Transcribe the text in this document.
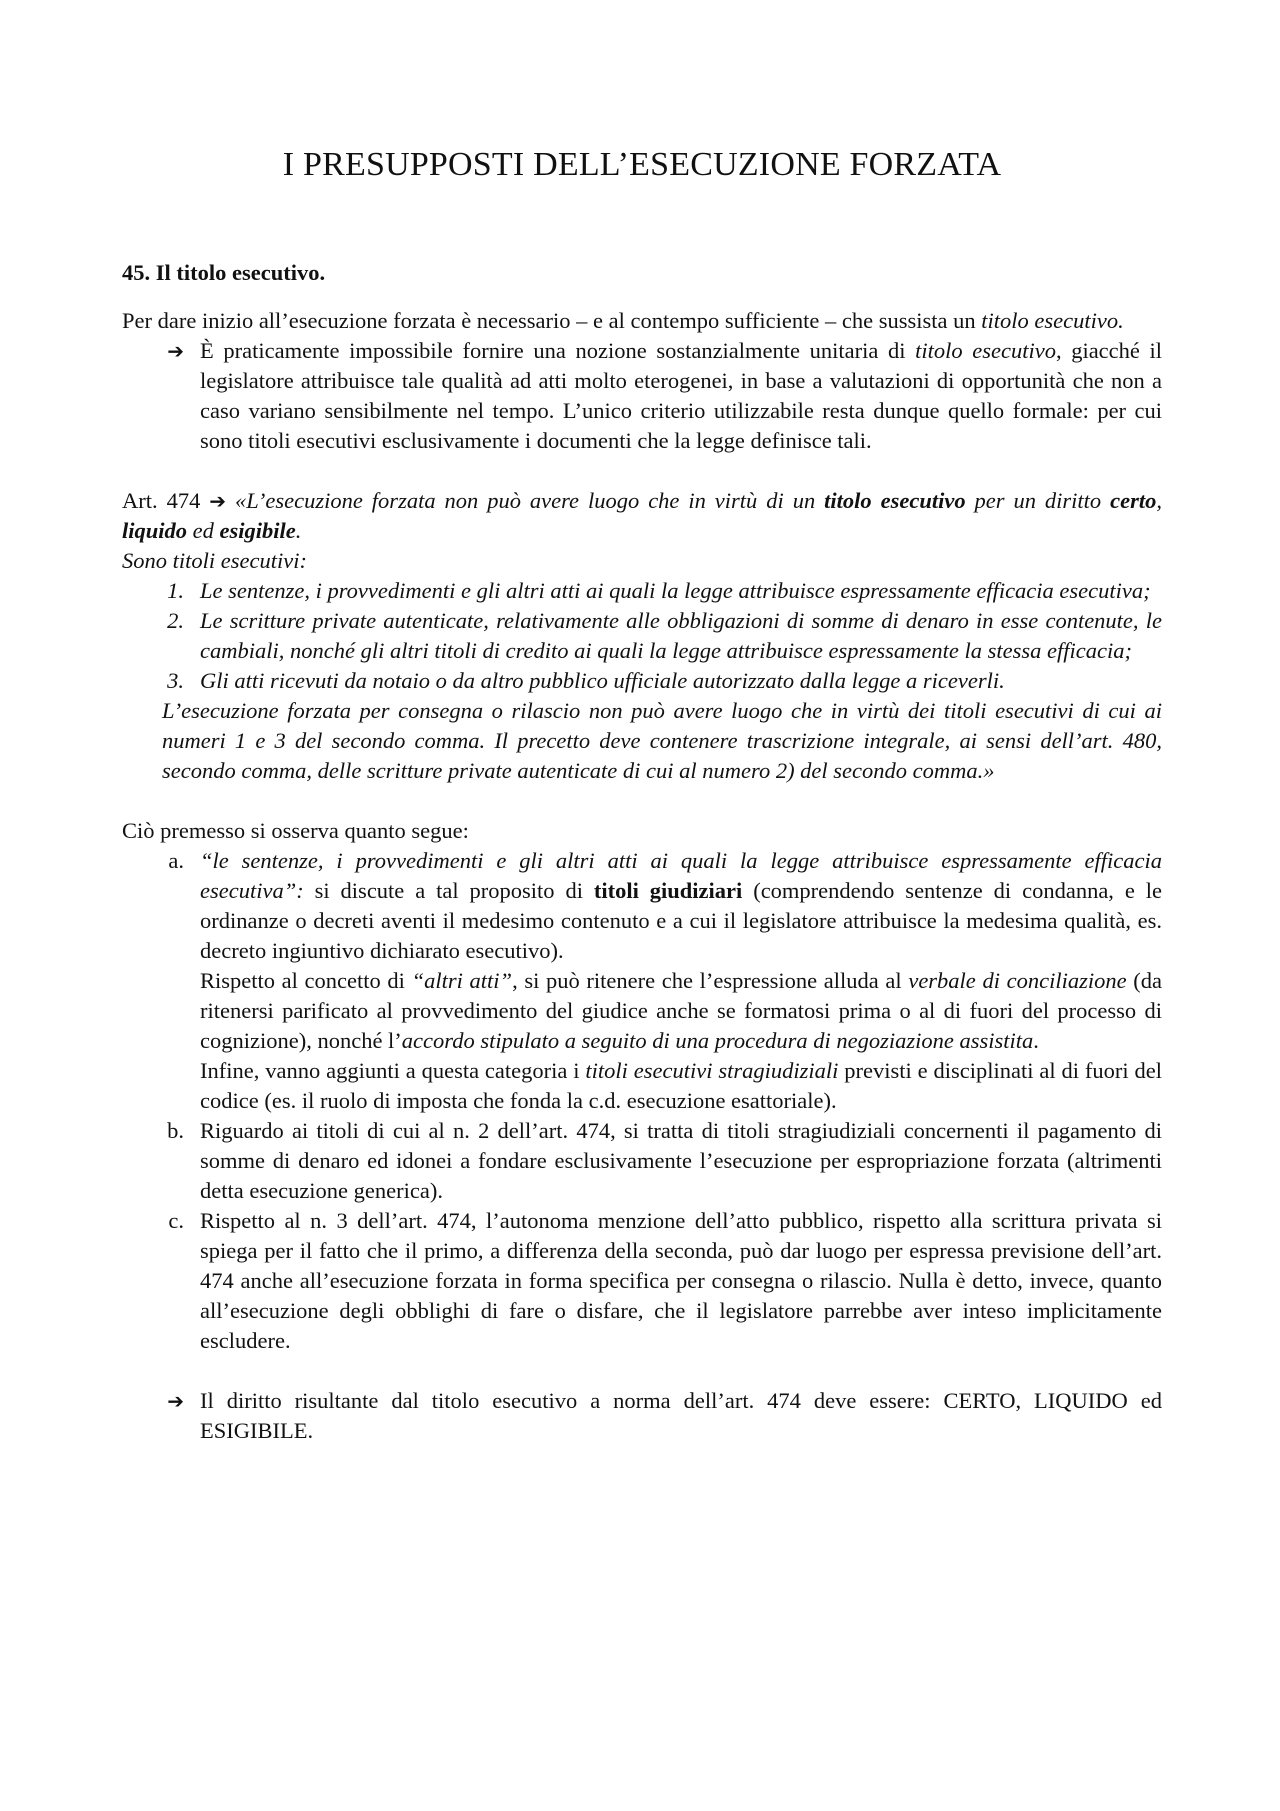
I PRESUPPOSTI DELL’ESECUZIONE FORZATA
45. Il titolo esecutivo.

Per dare inizio all’esecuzione forzata è necessario – e al contempo sufficiente – che sussista un titolo esecutivo.

➔ È praticamente impossibile fornire una nozione sostanzialmente unitaria di titolo esecutivo, giacché il legislatore attribuisce tale qualità ad atti molto eterogenei, in base a valutazioni di opportunità che non a caso variano sensibilmente nel tempo. L’unico criterio utilizzabile resta dunque quello formale: per cui sono titoli esecutivi esclusivamente i documenti che la legge definisce tali.

Art. 474 ➔ «L’esecuzione forzata non può avere luogo che in virtù di un titolo esecutivo per un diritto certo, liquido ed esigibile.

Sono titoli esecutivi:

1. Le sentenze, i provvedimenti e gli altri atti ai quali la legge attribuisce espressamente efficacia esecutiva;
2. Le scritture private autenticate, relativamente alle obbligazioni di somme di denaro in esse contenute, le cambiali, nonché gli altri titoli di credito ai quali la legge attribuisce espressamente la stessa efficacia;
3. Gli atti ricevuti da notaio o da altro pubblico ufficiale autorizzato dalla legge a riceverli.

L’esecuzione forzata per consegna o rilascio non può avere luogo che in virtù dei titoli esecutivi di cui ai numeri 1 e 3 del secondo comma. Il precetto deve contenere trascrizione integrale, ai sensi dell’art. 480, secondo comma, delle scritture private autenticate di cui al numero 2) del secondo comma.»

Ciò premesso si osserva quanto segue:

a. “le sentenze, i provvedimenti e gli altri atti ai quali la legge attribuisce espressamente efficacia esecutiva”: si discute a tal proposito di titoli giudiziari (comprendendo sentenze di condanna, e le ordinanze o decreti aventi il medesimo contenuto e a cui il legislatore attribuisce la medesima qualità, es. decreto ingiuntivo dichiarato esecutivo).
Rispetto al concetto di “altri atti”, si può ritenere che l’espressione alluda al verbale di conciliazione (da ritenersi parificato al provvedimento del giudice anche se formatosi prima o al di fuori del processo di cognizione), nonché l’accordo stipulato a seguito di una procedura di negoziazione assistita.
Infine, vanno aggiunti a questa categoria i titoli esecutivi stragiudiziali previsti e disciplinati al di fuori del codice (es. il ruolo di imposta che fonda la c.d. esecuzione esattoriale).
b. Riguardo ai titoli di cui al n. 2 dell’art. 474, si tratta di titoli stragiudiziali concernenti il pagamento di somme di denaro ed idonei a fondare esclusivamente l’esecuzione per espropriazione forzata (altrimenti detta esecuzione generica).
c. Rispetto al n. 3 dell’art. 474, l’autonoma menzione dell’atto pubblico, rispetto alla scrittura privata si spiega per il fatto che il primo, a differenza della seconda, può dar luogo per espressa previsione dell’art. 474 anche all’esecuzione forzata in forma specifica per consegna o rilascio. Nulla è detto, invece, quanto all’esecuzione degli obblighi di fare o disfare, che il legislatore parrebbe aver inteso implicitamente escludere.
➔ Il diritto risultante dal titolo esecutivo a norma dell’art. 474 deve essere: CERTO, LIQUIDO ed ESIGIBILE.
